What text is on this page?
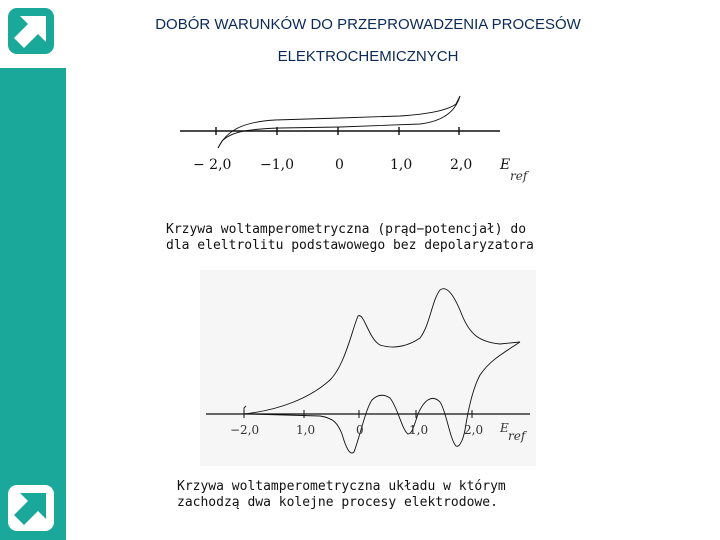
DOBÓR WARUNKÓW DO PRZEPROWADZENIA PROCESÓW
ELEKTROCHEMICZNYCH
− 2,0 −1,0	0	1,0	2,0 E
ref
Krzywa woltamperometryczna (prąd−potencjał) do
dla eleltrolitu podstawowego bez depolaryzatora
−2,0	1,0	0	1,0	2,0 E
ref
Krzywa woltamperometryczna układu w którym
zachodzą dwa kolejne procesy elektrodowe.
